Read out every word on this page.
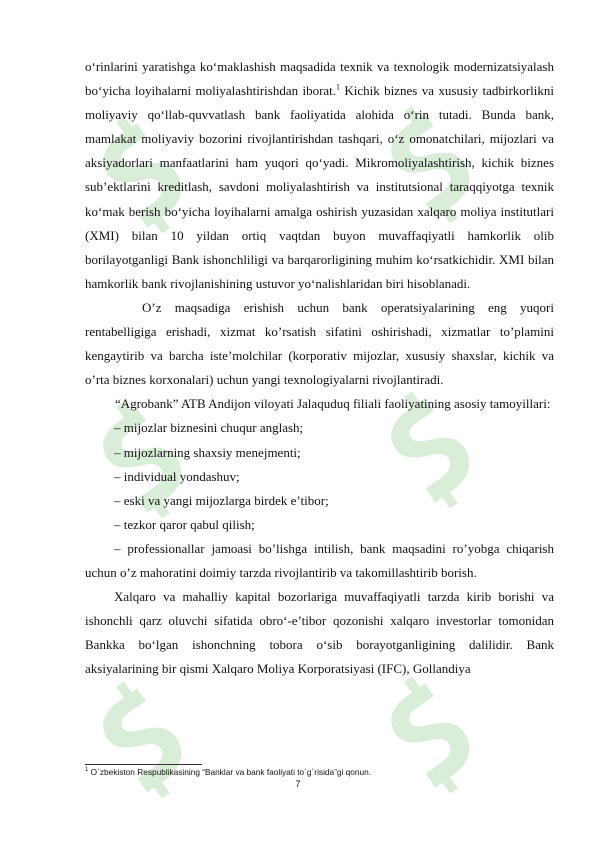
o‘rinlarini yaratishga ko‘maklashish maqsadida texnik va texnologik modernizatsiyalash bo‘yicha loyihalarni moliyalashtirishdan iborat.$^1$ Kichik biznes va xususiy tadbirkorlikni moliyaviy qo‘llab-quvvatlash bank faoliyatida alohida o‘rin tutadi. Bunda bank, mamlakat moliyaviy bozorini rivojlantirishdan tashqari, o‘z omonatchilari, mijozlari va aksiyadorlari manfaatlarini ham yuqori qo‘yadi. Mikromoliyalashtirish, kichik biznes sub’ektlarini kreditlash, savdoni moliyalashtirish va institutsional taraqqiyotga texnik ko‘mak berish bo‘yicha loyihalarni amalga oshirish yuzasidan xalqaro moliya institutlari (XMI) bilan 10 yildan ortiq vaqtdan buyon muvaffaqiyatli hamkorlik olib borilayotganligi Bank ishonchliligi va barqarorligining muhim ko‘rsatkichidir. XMI bilan hamkorlik bank rivojlanishining ustuvor yo‘nalishlaridan biri hisoblanadi.

O’z maqsadiga erishish uchun bank operatsiyalarining eng yuqori rentabelligiga erishadi, xizmat ko’rsatish sifatini oshirishadi, xizmatlar to’plamini kengaytirib va barcha iste’molchilar (korporativ mijozlar, xususiy shaxslar, kichik va o’rta biznes korxonalari) uchun yangi texnologiyalarni rivojlantiradi.

“Agrobank” ATB Andijon viloyati Jalaquduq filiali faoliyatining asosiy tamoyillari:

– mijozlar biznesini chuqur anglash;

– mijozlarning shaxsiy menejmenti;

– individual yondashuv;

– eski va yangi mijozlarga birdek e’tibor;

– tezkor qaror qabul qilish;

– professionallar jamoasi bo’lishga intilish, bank maqsadini ro’yobga chiqarish uchun o’z mahoratini doimiy tarzda rivojlantirib va takomillashtirib borish.

Xalqaro va mahalliy kapital bozorlariga muvaffaqiyatli tarzda kirib borishi va ishonchli qarz oluvchi sifatida obro‘-e’tibor qozonishi xalqaro investorlar tomonidan Bankka bo‘lgan ishonchning tobora o‘sib borayotganligining dalilidir. Bank aksiyalarining bir qismi Xalqaro Moliya Korporatsiyasi (IFC), Gollandiya

$^1$ O`zbekiston Respublikasining “Banklar va bank faoliyati to`g`risida”gi qonun.
7
